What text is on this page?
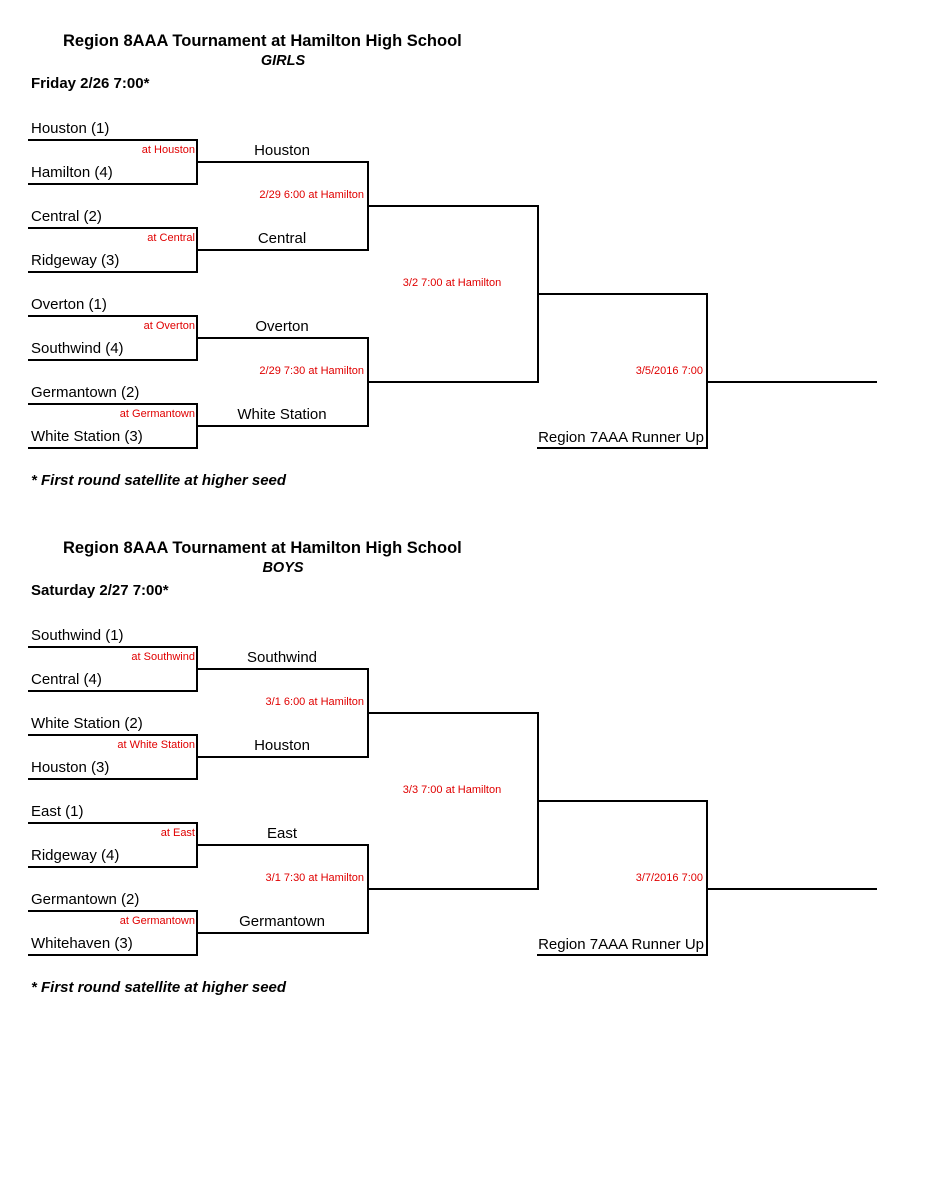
Region 8AAA Tournament at Hamilton High School
GIRLS
Friday 2/26 7:00*
Houston (1)
at Houston
Hamilton (4)
Central (2)
at Central
Ridgeway (3)
Overton (1)
at Overton
Southwind (4)
Germantown (2)
at Germantown
White Station (3)
Houston
Central
2/29 6:00 at Hamilton
Overton
White Station
2/29 7:30 at Hamilton
3/2 7:00 at Hamilton
Region 7AAA Runner Up
3/5/2016 7:00
* First round satellite at higher seed
Region 8AAA Tournament at Hamilton High School
BOYS
Saturday 2/27 7:00*
Southwind (1)
at Southwind
Central (4)
White Station (2)
at White Station
Houston (3)
East (1)
at East
Ridgeway (4)
Germantown (2)
at Germantown
Whitehaven (3)
Southwind
Houston
3/1 6:00 at Hamilton
East
Germantown
3/1 7:30 at Hamilton
3/3 7:00 at Hamilton
Region 7AAA Runner Up
3/7/2016 7:00
* First round satellite at higher seed
